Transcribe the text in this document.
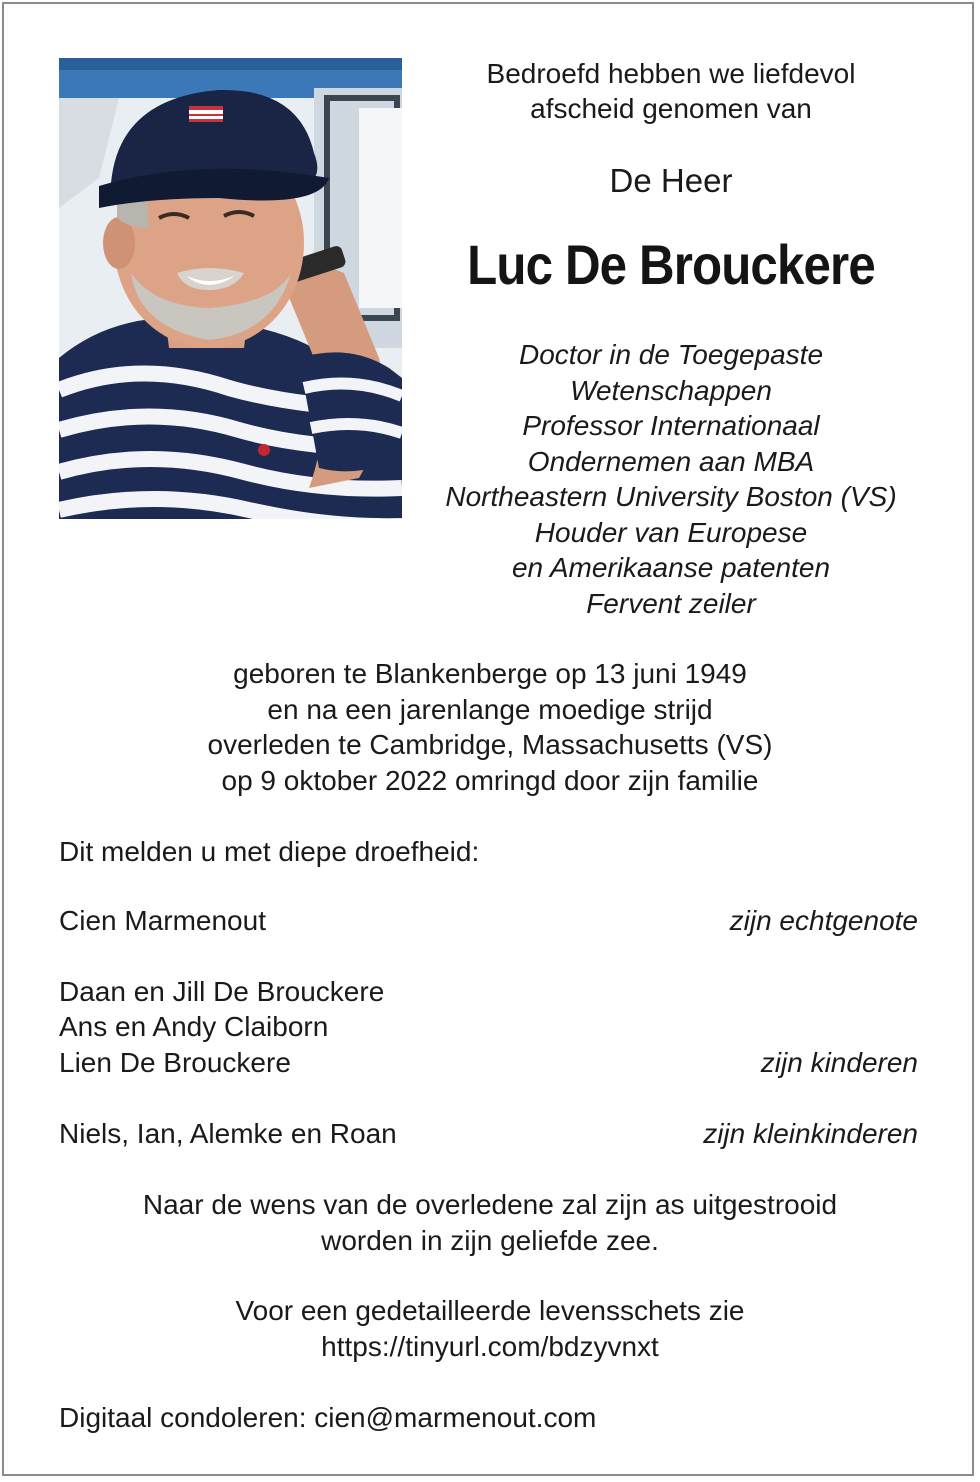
Bedroefd hebben we liefdevol
afscheid genomen van
De Heer
Luc De Brouckere
Doctor in de Toegepaste
Wetenschappen
Professor Internationaal
Ondernemen aan MBA
Northeastern University Boston (VS)
Houder van Europese
en Amerikaanse patenten
Fervent zeiler
geboren te Blankenberge op 13 juni 1949
en na een jarenlange moedige strijd
overleden te Cambridge, Massachusetts (VS)
op 9 oktober 2022 omringd door zijn familie
Dit melden u met diepe droefheid:
Cien Marmenout	zijn echtgenote
Daan en Jill De Brouckere
Ans en Andy Claiborn
Lien De Brouckere	zijn kinderen
Niels, Ian, Alemke en Roan	zijn kleinkinderen
Naar de wens van de overledene zal zijn as uitgestrooid
worden in zijn geliefde zee.
Voor een gedetailleerde levensschets zie
https://tinyurl.com/bdzyvnxt
Digitaal condoleren: cien@marmenout.com
